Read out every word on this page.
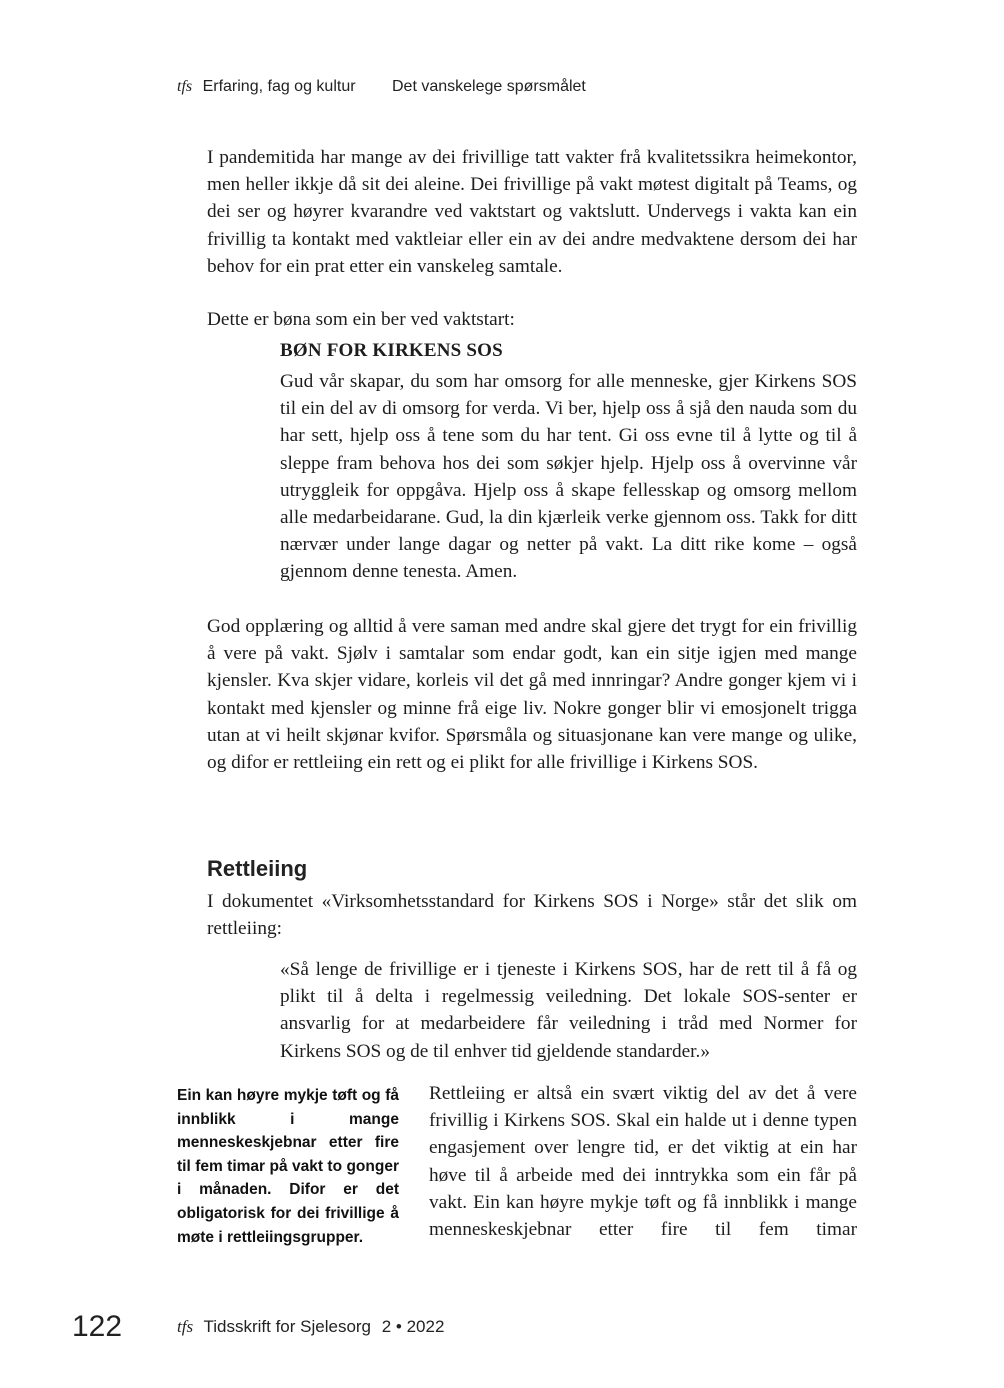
tfs Erfaring, fag og kultur Det vanskelege spørsmålet

I pandemitida har mange av dei frivillige tatt vakter frå kvalitetssikra heimekontor, men heller ikkje då sit dei aleine. Dei frivillige på vakt møtest digitalt på Teams, og dei ser og høyrer kvarandre ved vaktstart og vaktslutt. Undervegs i vakta kan ein frivillig ta kontakt med vaktleiar eller ein av dei andre medvaktene dersom dei har behov for ein prat etter ein vanskeleg samtale.

Dette er bøna som ein ber ved vaktstart:

BØN FOR KIRKENS SOS

Gud vår skapar, du som har omsorg for alle menneske, gjer Kirkens SOS til ein del av di omsorg for verda. Vi ber, hjelp oss å sjå den nauda som du har sett, hjelp oss å tene som du har tent. Gi oss evne til å lytte og til å sleppe fram behova hos dei som søkjer hjelp. Hjelp oss å overvinne vår utryggleik for oppgåva. Hjelp oss å skape fellesskap og omsorg mellom alle medarbeidarane. Gud, la din kjærleik verke gjennom oss. Takk for ditt nærvær under lange dagar og netter på vakt. La ditt rike kome – også gjennom denne tenesta. Amen.

God opplæring og alltid å vere saman med andre skal gjere det trygt for ein frivillig å vere på vakt. Sjølv i samtalar som endar godt, kan ein sitje igjen med mange kjensler. Kva skjer vidare, korleis vil det gå med innringar? Andre gonger kjem vi i kontakt med kjensler og minne frå eige liv. Nokre gonger blir vi emosjonelt trigga utan at vi heilt skjønar kvifor. Spørsmåla og situasjonane kan vere mange og ulike, og difor er rettleiing ein rett og ei plikt for alle frivillige i Kirkens SOS.

Rettleiing

I dokumentet «Virksomhetsstandard for Kirkens SOS i Norge» står det slik om rettleiing:

«Så lenge de frivillige er i tjeneste i Kirkens SOS, har de rett til å få og plikt til å delta i regelmessig veiledning. Det lokale SOS-senter er ansvarlig for at medarbeidere får veiledning i tråd med Normer for Kirkens SOS og de til enhver tid gjeldende standarder.»

Ein kan høyre mykje tøft og få innblikk i mange menneskeskjebnar etter fire til fem timar på vakt to gonger i månaden. Difor er det obligatorisk for dei frivillige å møte i rettleiingsgrupper.

Rettleiing er altså ein svært viktig del av det å vere frivillig i Kirkens SOS. Skal ein halde ut i denne typen engasjement over lengre tid, er det viktig at ein har høve til å arbeide med dei inntrykka som ein får på vakt. Ein kan høyre mykje tøft og få innblikk i mange menneskeskjebnar etter fire til fem timar

122	tfs Tidsskrift for Sjelesorg 2 • 2022
